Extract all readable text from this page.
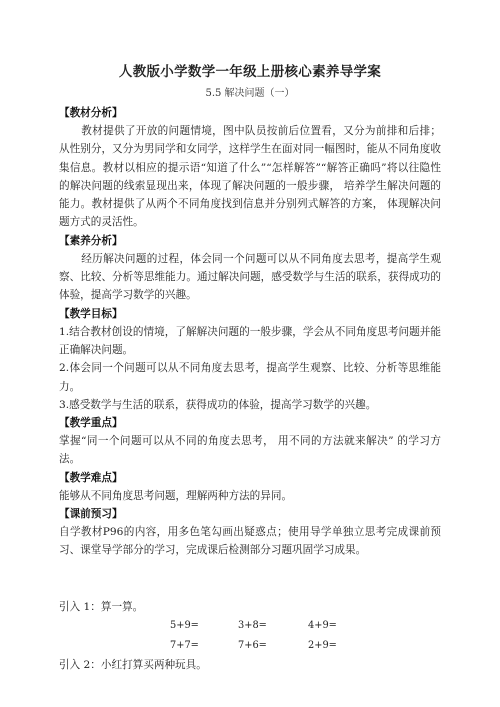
人教版小学数学一年级上册核心素养导学案
5.5 解决问题（一）

【教材分析】

教材提供了开放的问题情境，图中队员按前后位置看，又分为前排和后排；从性别分，又分为男同学和女同学，这样学生在面对同一幅图时，能从不同角度收集信息。教材以相应的提示语“知道了什么”“怎样解答”“解答正确吗”将以往隐性的解决问题的线索显现出来，体现了解决问题的一般步骤， 培养学生解决问题的能力。教材提供了从两个不同角度找到信息并分别列式解答的方案， 体现解决问题方式的灵活性。

【素养分析】

经历解决问题的过程，体会同一个问题可以从不同角度去思考，提高学生观察、比较、分析等思维能力。通过解决问题，感受数学与生活的联系，获得成功的体验，提高学习数学的兴趣。

【教学目标】

1.结合教材创设的情境，了解解决问题的一般步骤，学会从不同角度思考问题并能正确解决问题。

2.体会同一个问题可以从不同角度去思考，提高学生观察、比较、分析等思维能力。

3.感受数学与生活的联系，获得成功的体验，提高学习数学的兴趣。

【教学重点】

掌握“同一个问题可以从不同的角度去思考， 用不同的方法就来解决” 的学习方法。

【教学难点】

能够从不同角度思考问题，理解两种方法的异同。

【课前预习】

自学教材P96的内容，用多色笔勾画出疑惑点；使用导学单独立思考完成课前预习、课堂导学部分的学习，完成课后检测部分习题巩固学习成果。

引入 1：算一算。

5+9=	3+8=	4+9=
7+7=	7+6=	2+9=

引入 2：小红打算买两种玩具。
